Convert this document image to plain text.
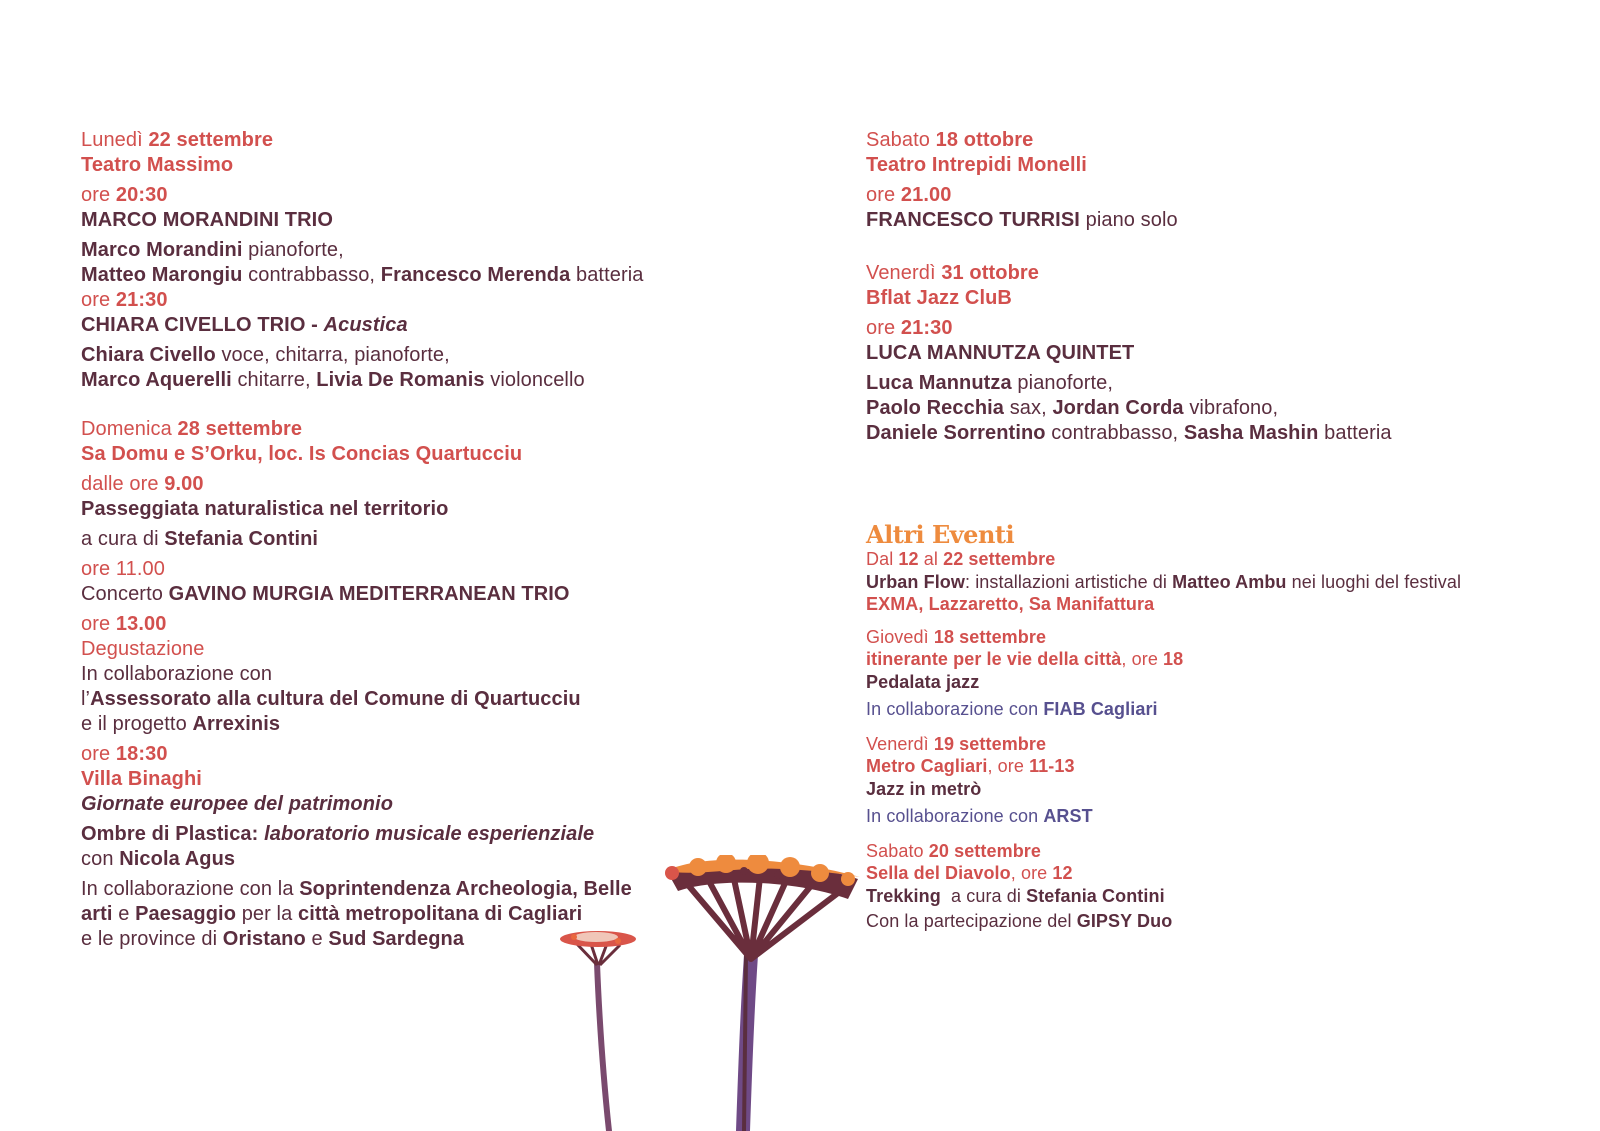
Lunedì 22 settembre
Teatro Massimo
ore 20:30
MARCO MORANDINI TRIO
Marco Morandini pianoforte,
Matteo Marongiu contrabbasso, Francesco Merenda batteria
ore 21:30
CHIARA CIVELLO TRIO - Acustica
Chiara Civello voce, chitarra, pianoforte,
Marco Aquerelli chitarre, Livia De Romanis violoncello
Domenica 28 settembre
Sa Domu e S’Orku, loc. Is Concias Quartucciu
dalle ore 9.00
Passeggiata naturalistica nel territorio
a cura di Stefania Contini
ore 11.00
Concerto GAVINO MURGIA MEDITERRANEAN TRIO
ore 13.00
Degustazione
In collaborazione con
l’Assessorato alla cultura del Comune di Quartucciu
e il progetto Arrexinis
ore 18:30
Villa Binaghi
Giornate europee del patrimonio
Ombre di Plastica: laboratorio musicale esperienziale
con Nicola Agus
In collaborazione con la Soprintendenza Archeologia, Belle
arti e Paesaggio per la città metropolitana di Cagliari
e le province di Oristano e Sud Sardegna
Sabato 18 ottobre
Teatro Intrepidi Monelli
ore 21.00
FRANCESCO TURRISI piano solo
Venerdì 31 ottobre
Bflat Jazz CluB
ore 21:30
LUCA MANNUTZA QUINTET
Luca Mannutza pianoforte,
Paolo Recchia sax, Jordan Corda vibrafono,
Daniele Sorrentino contrabbasso, Sasha Mashin batteria
Altri Eventi
Dal 12 al 22 settembre
Urban Flow: installazioni artistiche di Matteo Ambu nei luoghi del festival
EXMA, Lazzaretto, Sa Manifattura
Giovedì 18 settembre
itinerante per le vie della città, ore 18
Pedalata jazz
In collaborazione con FIAB Cagliari
Venerdì 19 settembre
Metro Cagliari, ore 11-13
Jazz in metrò
In collaborazione con ARST
Sabato 20 settembre
Sella del Diavolo, ore 12
Trekking  a cura di Stefania Contini
Con la partecipazione del GIPSY Duo
